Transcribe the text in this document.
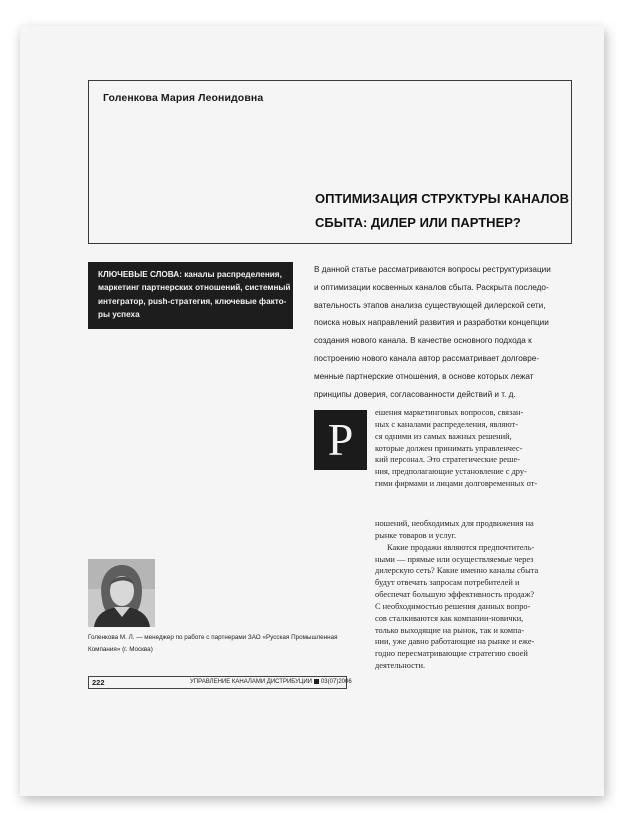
Голенкова Мария Леонидовна
ОПТИМИЗАЦИЯ СТРУКТУРЫ КАНАЛОВ
СБЫТА: ДИЛЕР ИЛИ ПАРТНЕР?
КЛЮЧЕВЫЕ СЛОВА: каналы распределения,
маркетинг партнерских отношений, системный
интегратор, push-стратегия, ключевые факто-
ры успеха
В данной статье рассматриваются вопросы реструктуризации
и оптимизации косвенных каналов сбыта. Раскрыта последо-
вательность этапов анализа существующей дилерской сети,
поиска новых направлений развития и разработки концепции
создания нового канала. В качестве основного подхода к
построению нового канала автор рассматривает долговре-
менные партнерские отношения, в основе которых лежат
принципы доверия, согласованности действий и т. д.
Р
ешения маркетинговых вопросов, связан-
ных с каналами распределения, являют-
ся одними из самых важных решений,
которые должен принимать управленчес-
кий персонал. Это стратегические реше-
ния, предполагающие установление с дру-
гими фирмами и лицами долговременных от-
ношений, необходимых для продвижения на
рынке товаров и услуг.
Какие продажи являются предпочтитель-
ными — прямые или осуществляемые через
дилерскую сеть? Какие именно каналы сбыта
будут отвечать запросам потребителей и
обеспечат большую эффективность продаж?
С необходимостью решения данных вопро-
сов сталкиваются как компании-новички,
только выходящие на рынок, так и компа-
нии, уже давно работающие на рынке и еже-
годно пересматривающие стратегию своей
деятельности.
Голенкова М. Л. — менеджер по работе с партнерами ЗАО «Русская Промышленная
Компания» (г. Москва)
222	УПРАВЛЕНИЕ КАНАЛАМИ ДИСТРИБУЦИИ 03(07)2006
